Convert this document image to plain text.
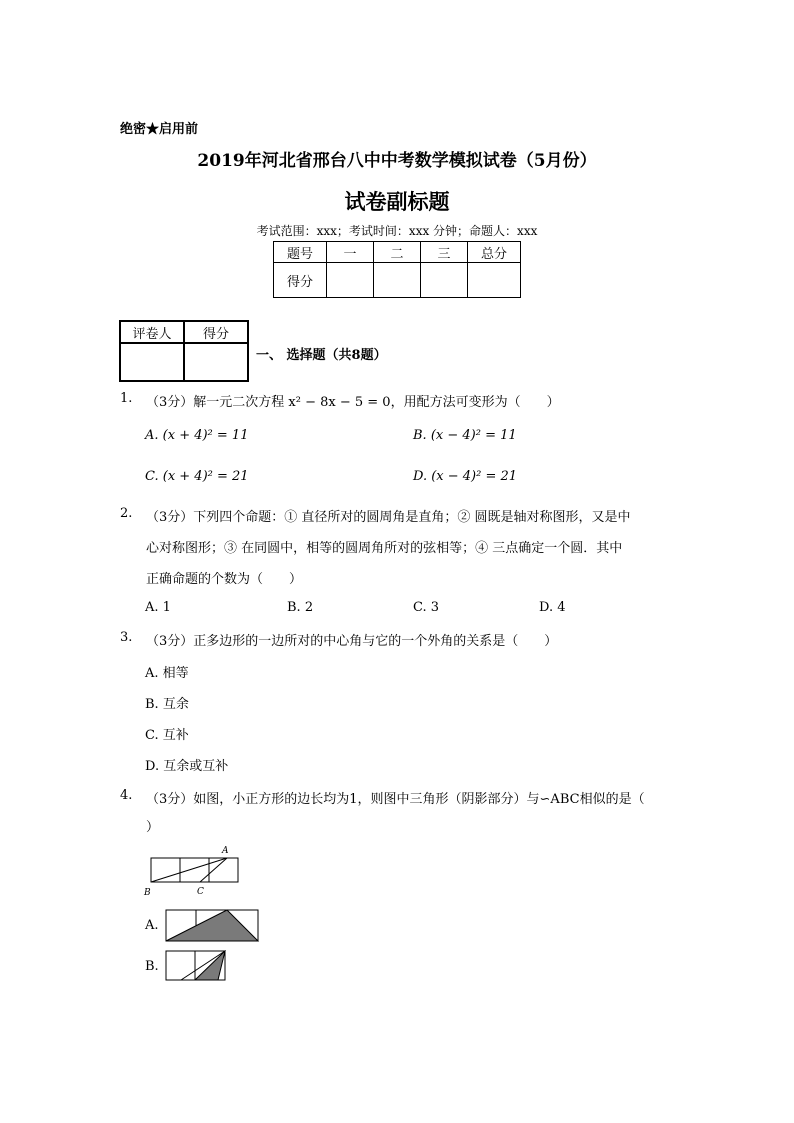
绝密★启用前
2019年河北省邢台八中中考数学模拟试卷（5月份）
试卷副标题
考试范围：xxx；考试时间：xxx 分钟；命题人：xxx
题号	一	二	三	总分
得分				
评卷人	得分

一、 选择题（共8题）
1. （3分）解一元二次方程 x² − 8x − 5 = 0，用配方法可变形为（　　）
A. (x + 4)² = 11	B. (x − 4)² = 11
C. (x + 4)² = 21	D. (x − 4)² = 21
2. （3分）下列四个命题：① 直径所对的圆周角是直角；② 圆既是轴对称图形，又是中
心对称图形；③ 在同圆中，相等的圆周角所对的弦相等；④ 三点确定一个圆．其中
正确命题的个数为（　　）
A. 1	B. 2	C. 3	D. 4
3. （3分）正多边形的一边所对的中心角与它的一个外角的关系是（　　）
A. 相等
B. 互余
C. 互补
D. 互余或互补
4. （3分）如图，小正方形的边长均为1，则图中三角形（阴影部分）与∽ABC相似的是（
）
A
B	C
A.
B.
